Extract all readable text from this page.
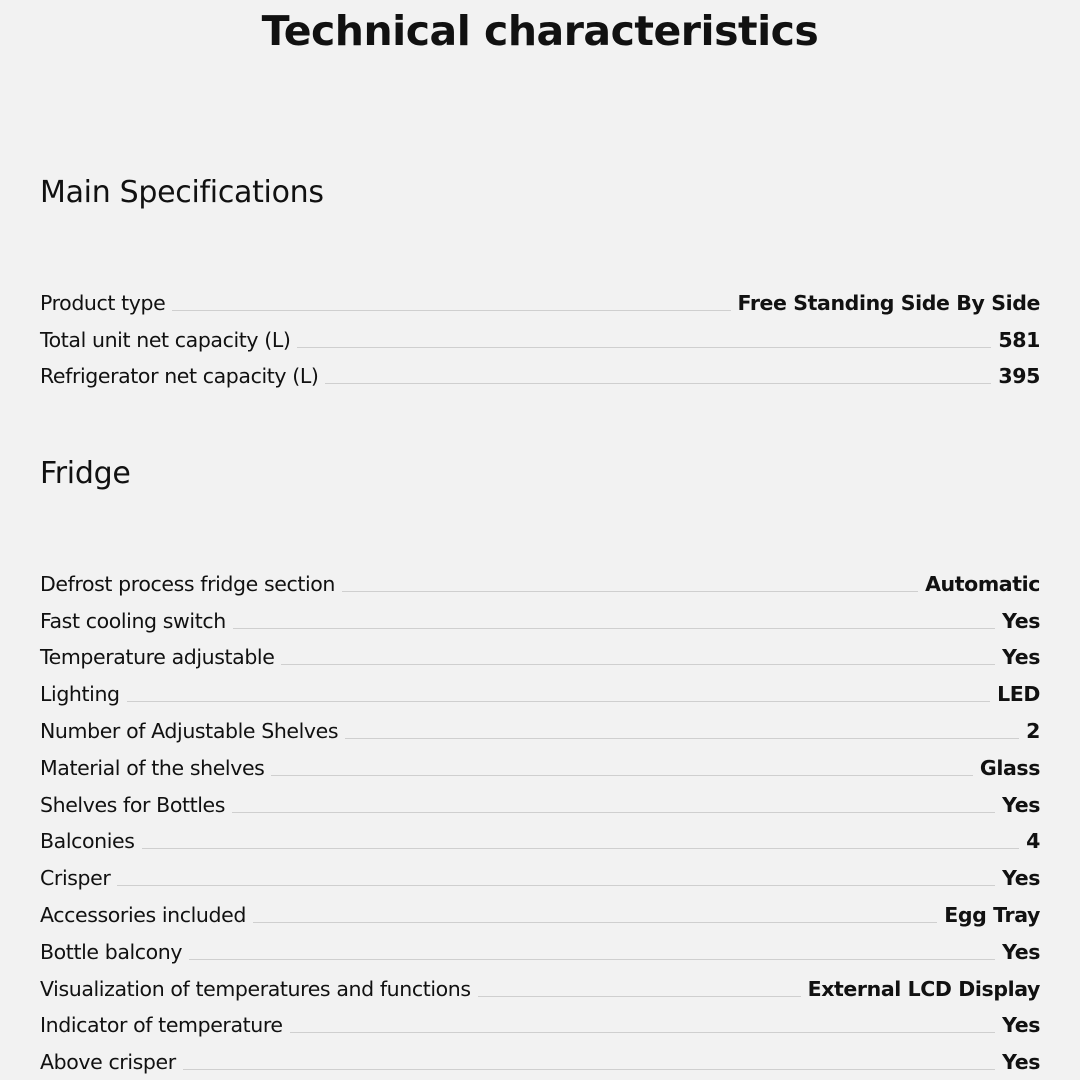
Technical characteristics
Main Specifications
Product type	Free Standing Side By Side
Total unit net capacity (L)	581
Refrigerator net capacity (L)	395
Fridge
Defrost process fridge section	Automatic
Fast cooling switch	Yes
Temperature adjustable	Yes
Lighting	LED
Number of Adjustable Shelves	2
Material of the shelves	Glass
Shelves for Bottles	Yes
Balconies	4
Crisper	Yes
Accessories included	Egg Tray
Bottle balcony	Yes
Visualization of temperatures and functions	External LCD Display
Indicator of temperature	Yes
Above crisper	Yes
